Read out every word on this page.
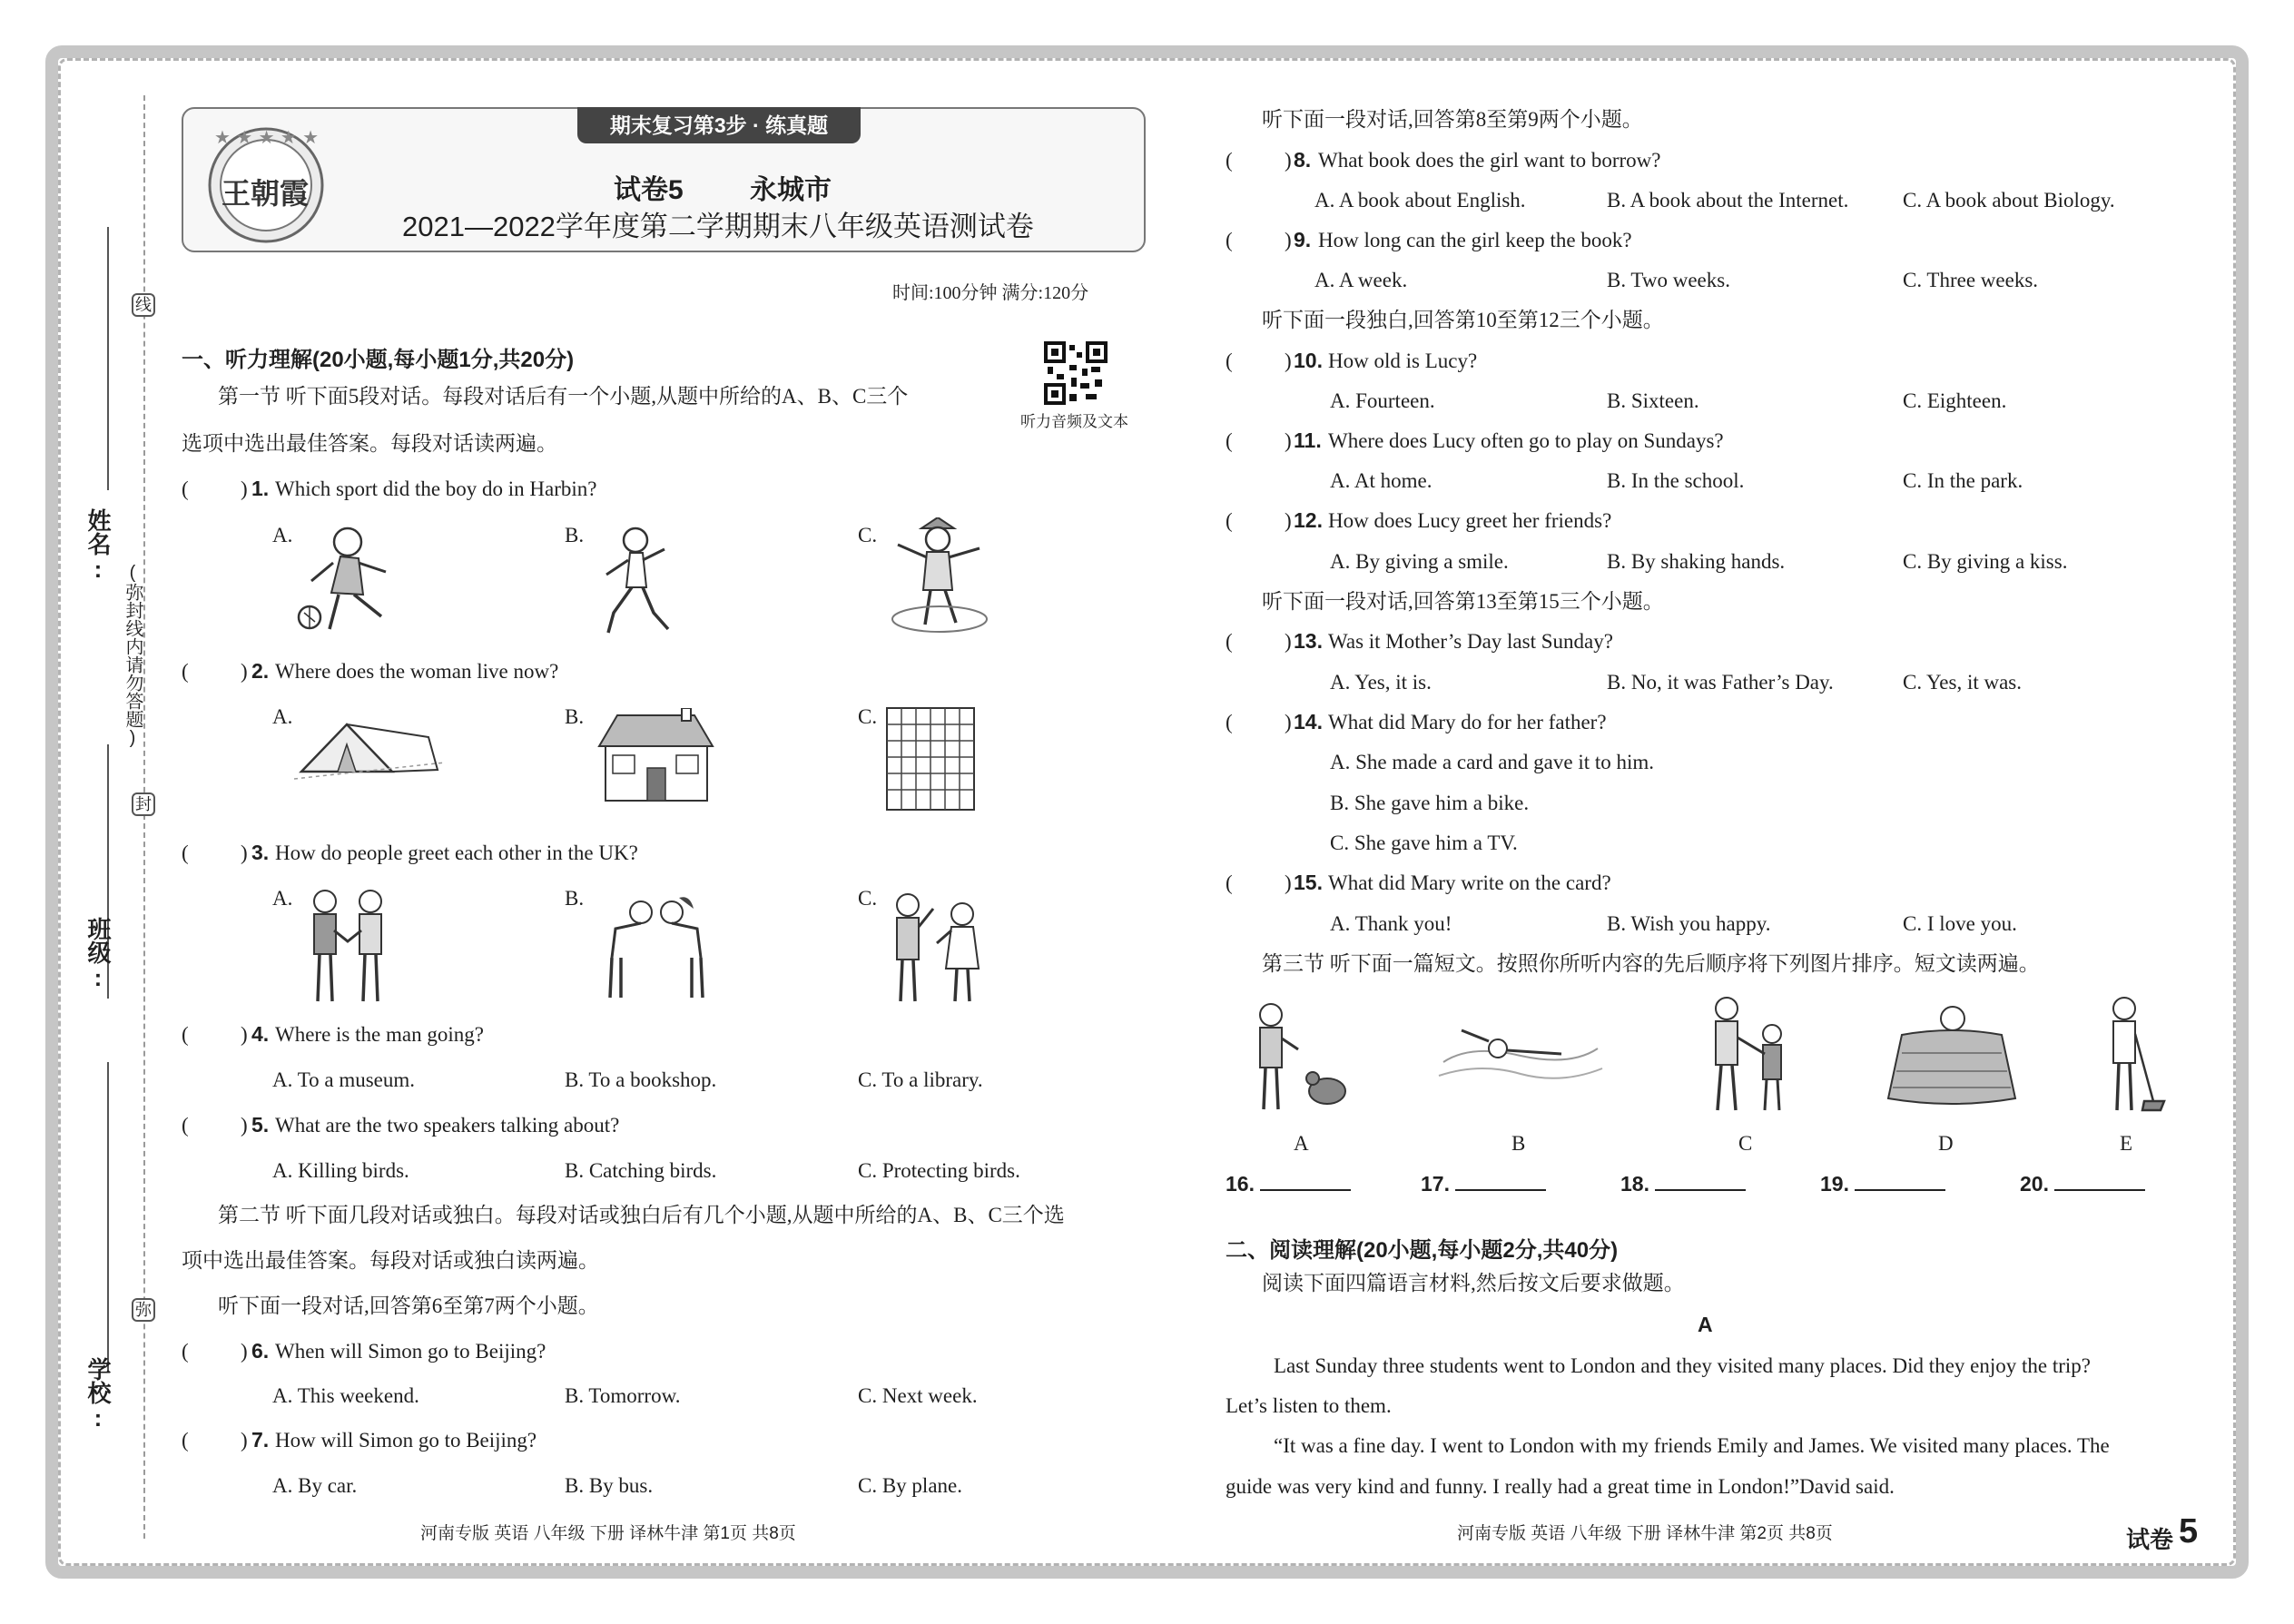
姓名:
班级:
学校:
(弥封线内请勿答题)
线
封
弥
★ ★ ★ ★ ★
王朝霞
期末复习第3步 · 练真题
试卷5 永城市
2021—2022学年度第二学期期末八年级英语测试卷
时间:100分钟 满分:120分
听力音频及文本
一、听力理解(20小题,每小题1分,共20分)
第一节 听下面5段对话。每段对话后有一个小题,从题中所给的A、B、C三个
选项中选出最佳答案。每段对话读两遍。
( ) 1. Which sport did the boy do in Harbin?
A.	B.	C.
( ) 2. Where does the woman live now?
A.	B.	C.
( ) 3. How do people greet each other in the UK?
A.	B.	C.
( ) 4. Where is the man going?
A. To a museum.	B. To a bookshop.	C. To a library.
( ) 5. What are the two speakers talking about?
A. Killing birds.	B. Catching birds.	C. Protecting birds.
第二节 听下面几段对话或独白。每段对话或独白后有几个小题,从题中所给的A、B、C三个选
项中选出最佳答案。每段对话或独白读两遍。
听下面一段对话,回答第6至第7两个小题。
( ) 6. When will Simon go to Beijing?
A. This weekend.	B. Tomorrow.	C. Next week.
( ) 7. How will Simon go to Beijing?
A. By car.	B. By bus.	C. By plane.
河南专版 英语 八年级 下册 译林牛津 第1页 共8页
听下面一段对话,回答第8至第9两个小题。
( ) 8. What book does the girl want to borrow?
A. A book about English.	B. A book about the Internet.	C. A book about Biology.
( ) 9. How long can the girl keep the book?
A. A week.	B. Two weeks.	C. Three weeks.
听下面一段独白,回答第10至第12三个小题。
( ) 10. How old is Lucy?
A. Fourteen.	B. Sixteen.	C. Eighteen.
( ) 11. Where does Lucy often go to play on Sundays?
A. At home.	B. In the school.	C. In the park.
( ) 12. How does Lucy greet her friends?
A. By giving a smile.	B. By shaking hands.	C. By giving a kiss.
听下面一段对话,回答第13至第15三个小题。
( ) 13. Was it Mother’s Day last Sunday?
A. Yes, it is.	B. No, it was Father’s Day.	C. Yes, it was.
( ) 14. What did Mary do for her father?
A. She made a card and gave it to him.
B. She gave him a bike.
C. She gave him a TV.
( ) 15. What did Mary write on the card?
A. Thank you!	B. Wish you happy.	C. I love you.
第三节 听下面一篇短文。按照你所听内容的先后顺序将下列图片排序。短文读两遍。
A	B	C	D	E
16.	17.	18.	19.	20.
二、阅读理解(20小题,每小题2分,共40分)
阅读下面四篇语言材料,然后按文后要求做题。
A
Last Sunday three students went to London and they visited many places. Did they enjoy the trip?
Let’s listen to them.
“It was a fine day. I went to London with my friends Emily and James. We visited many places. The
guide was very kind and funny. I really had a great time in London!”David said.
河南专版 英语 八年级 下册 译林牛津 第2页 共8页	试卷 5
